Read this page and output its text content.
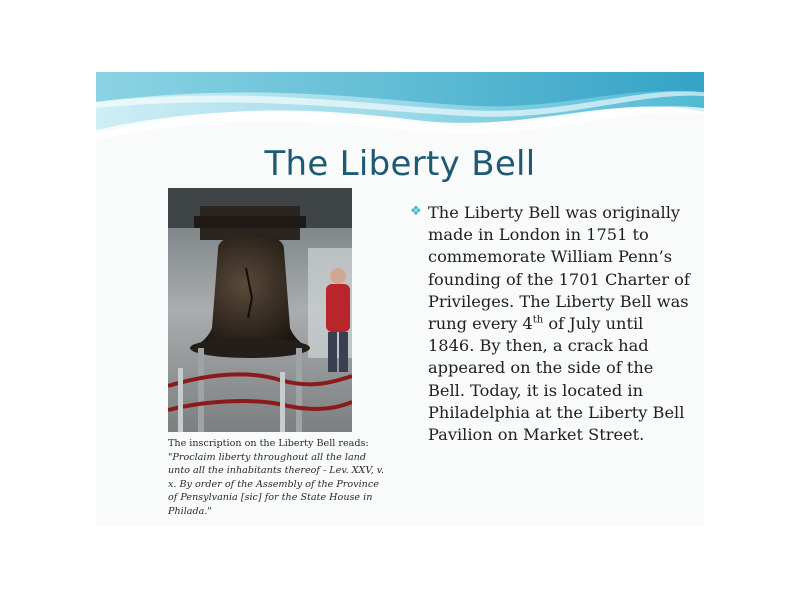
The Liberty Bell
The inscription on the Liberty Bell reads:
"Proclaim liberty throughout all the land unto all the inhabitants thereof - Lev. XXV, v. x. By order of the Assembly of the Province of Pensylvania [sic] for the State House in Philada."
❖ The Liberty Bell was originally made in London in 1751 to commemorate William Penn’s founding of the 1701 Charter of Privileges. The Liberty Bell was rung every 4th of July until 1846. By then, a crack had appeared on the side of the Bell. Today, it is located in Philadelphia at the Liberty Bell Pavilion on Market Street.
